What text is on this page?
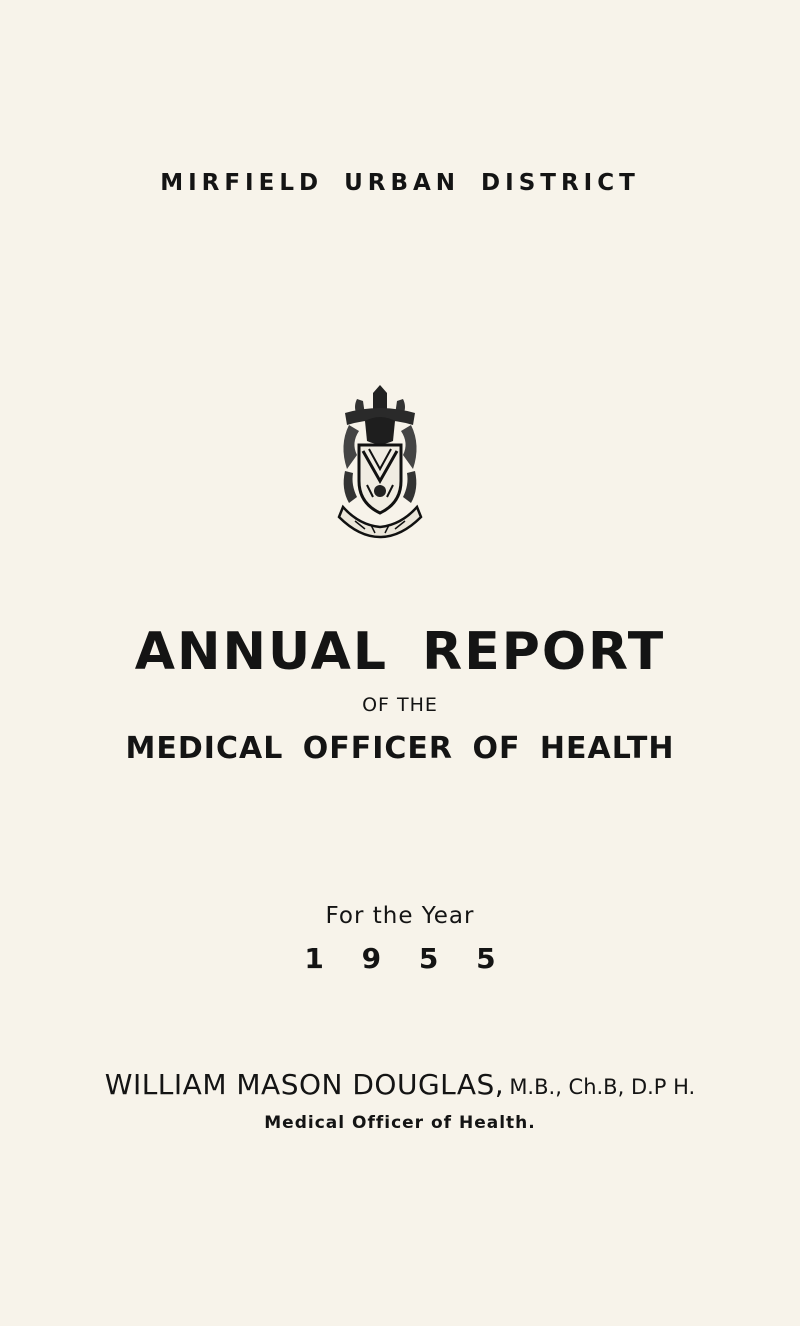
MIRFIELD URBAN DISTRICT
ANNUAL REPORT
OF THE
MEDICAL OFFICER OF HEALTH
For the Year
1 9 5 5
WILLIAM MASON DOUGLAS, M.B., Ch.B, D.P H.
Medical Officer of Health.
